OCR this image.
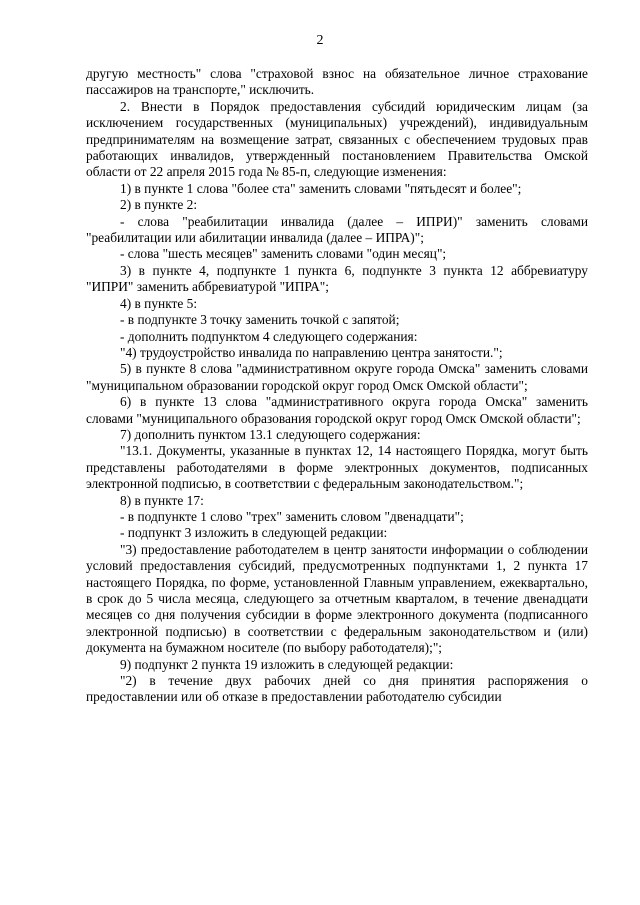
2

другую местность" слова "страховой взнос на обязательное личное страхование пассажиров на транспорте," исключить.

2. Внести в Порядок предоставления субсидий юридическим лицам (за исключением государственных (муниципальных) учреждений), индивидуальным предпринимателям на возмещение затрат, связанных с обеспечением трудовых прав работающих инвалидов, утвержденный постановлением Правительства Омской области от 22 апреля 2015 года № 85-п, следующие изменения:

1) в пункте 1 слова "более ста" заменить словами "пятьдесят и более";

2) в пункте 2:

- слова "реабилитации инвалида (далее – ИПРИ)" заменить словами "реабилитации или абилитации инвалида (далее – ИПРА)";

- слова "шесть месяцев" заменить словами "один месяц";

3) в пункте 4, подпункте 1 пункта 6, подпункте 3 пункта 12 аббревиатуру "ИПРИ" заменить аббревиатурой "ИПРА";

4) в пункте 5:

- в подпункте 3 точку заменить точкой с запятой;

- дополнить подпунктом 4 следующего содержания:

"4) трудоустройство инвалида по направлению центра занятости.";

5) в пункте 8 слова "административном округе города Омска" заменить словами "муниципальном образовании городской округ город Омск Омской области";

6) в пункте 13 слова "административного округа города Омска" заменить словами "муниципального образования городской округ город Омск Омской области";

7) дополнить пунктом 13.1 следующего содержания:

"13.1. Документы, указанные в пунктах 12, 14 настоящего Порядка, могут быть представлены работодателями в форме электронных документов, подписанных электронной подписью, в соответствии с федеральным законодательством.";

8) в пункте 17:

- в подпункте 1 слово "трех" заменить словом "двенадцати";

- подпункт 3 изложить в следующей редакции:

"3) предоставление работодателем в центр занятости информации о соблюдении условий предоставления субсидий, предусмотренных подпунктами 1, 2 пункта 17 настоящего Порядка, по форме, установленной Главным управлением, ежеквартально, в срок до 5 числа месяца, следующего за отчетным кварталом, в течение двенадцати месяцев со дня получения субсидии в форме электронного документа (подписанного электронной подписью) в соответствии с федеральным законодательством и (или) документа на бумажном носителе (по выбору работодателя);";

9) подпункт 2 пункта 19 изложить в следующей редакции:

"2) в течение двух рабочих дней со дня принятия распоряжения о предоставлении или об отказе в предоставлении работодателю субсидии
